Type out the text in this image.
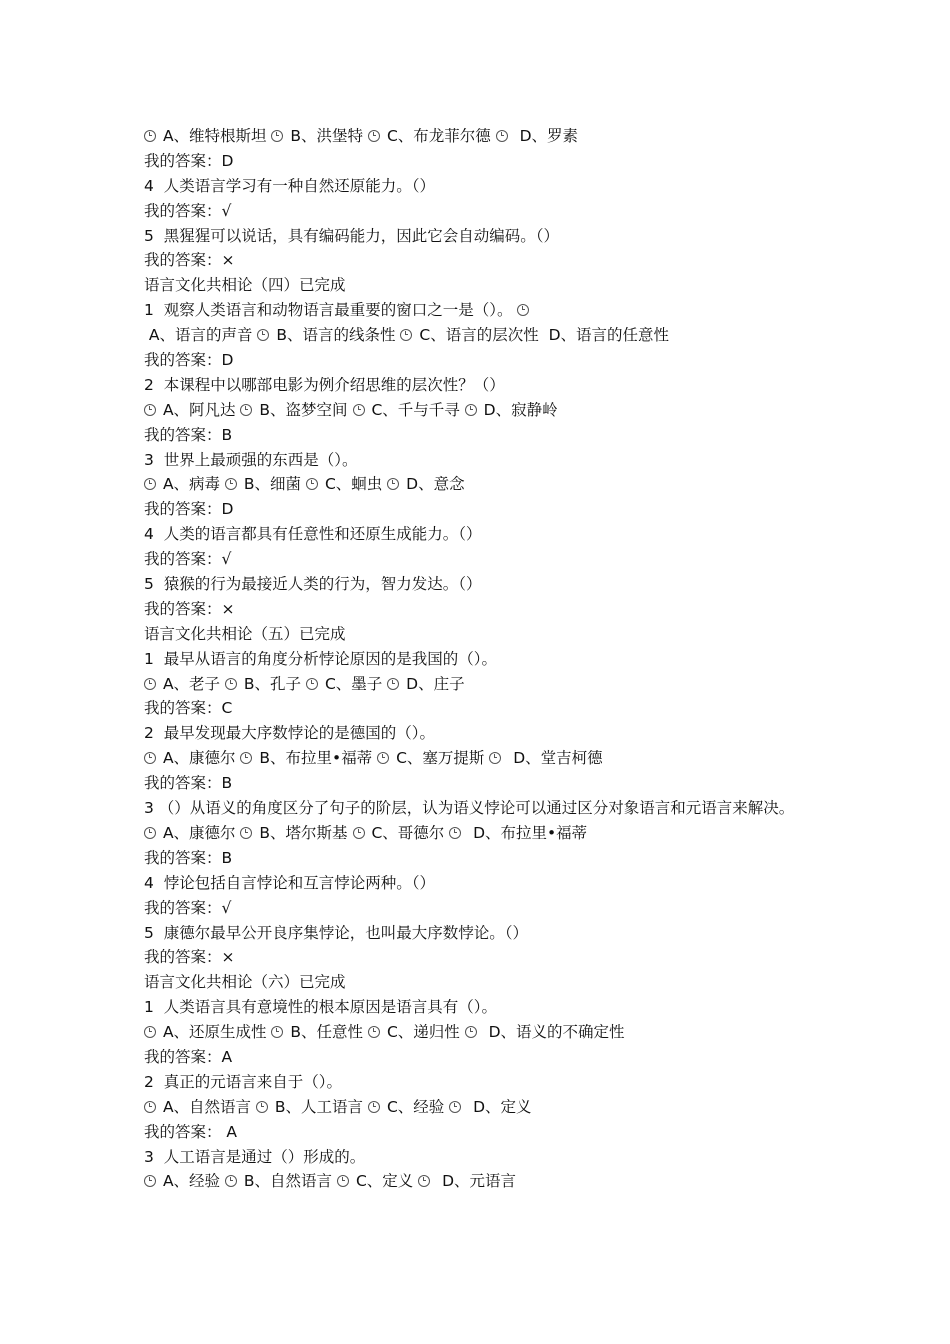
A、维特根斯坦 B、洪堡特 C、布龙菲尔德   D、罗素
我的答案：D
4  人类语言学习有一种自然还原能力。（）
我的答案：√
5  黑猩猩可以说话，具有编码能力，因此它会自动编码。（）
我的答案：×
语言文化共相论（四）已完成
1  观察人类语言和动物语言最重要的窗口之一是（）。
A、语言的声音  B、语言的线条性 C、语言的层次性  D、语言的任意性
我的答案：D
2  本课程中以哪部电影为例介绍思维的层次性？（）
A、阿凡达 B、盗梦空间 C、千与千寻 D、寂静岭
我的答案：B
3  世界上最顽强的东西是（）。
A、病毒 B、细菌 C、蛔虫 D、意念
我的答案：D
4  人类的语言都具有任意性和还原生成能力。（）
我的答案：√
5  猿猴的行为最接近人类的行为，智力发达。（）
我的答案：×
语言文化共相论（五）已完成
1  最早从语言的角度分析悖论原因的是我国的（）。
A、老子 B、孔子 C、墨子 D、庄子
我的答案：C
2  最早发现最大序数悖论的是德国的（）。
A、康德尔 B、布拉里•福蒂 C、塞万提斯   D、堂吉柯德
我的答案：B
3 （）从语义的角度区分了句子的阶层，认为语义悖论可以通过区分对象语言和元语言来解决。
A、康德尔 B、塔尔斯基 C、哥德尔   D、布拉里•福蒂
我的答案：B
4  悖论包括自言悖论和互言悖论两种。（）
我的答案：√
5  康德尔最早公开良序集悖论，也叫最大序数悖论。（）
我的答案：×
语言文化共相论（六）已完成
1  人类语言具有意境性的根本原因是语言具有（）。
A、还原生成性 B、任意性 C、递归性   D、语义的不确定性
我的答案：A
2  真正的元语言来自于（）。
A、自然语言 B、人工语言 C、经验   D、定义
我的答案： A
3  人工语言是通过（）形成的。
A、经验 B、自然语言 C、定义   D、元语言
